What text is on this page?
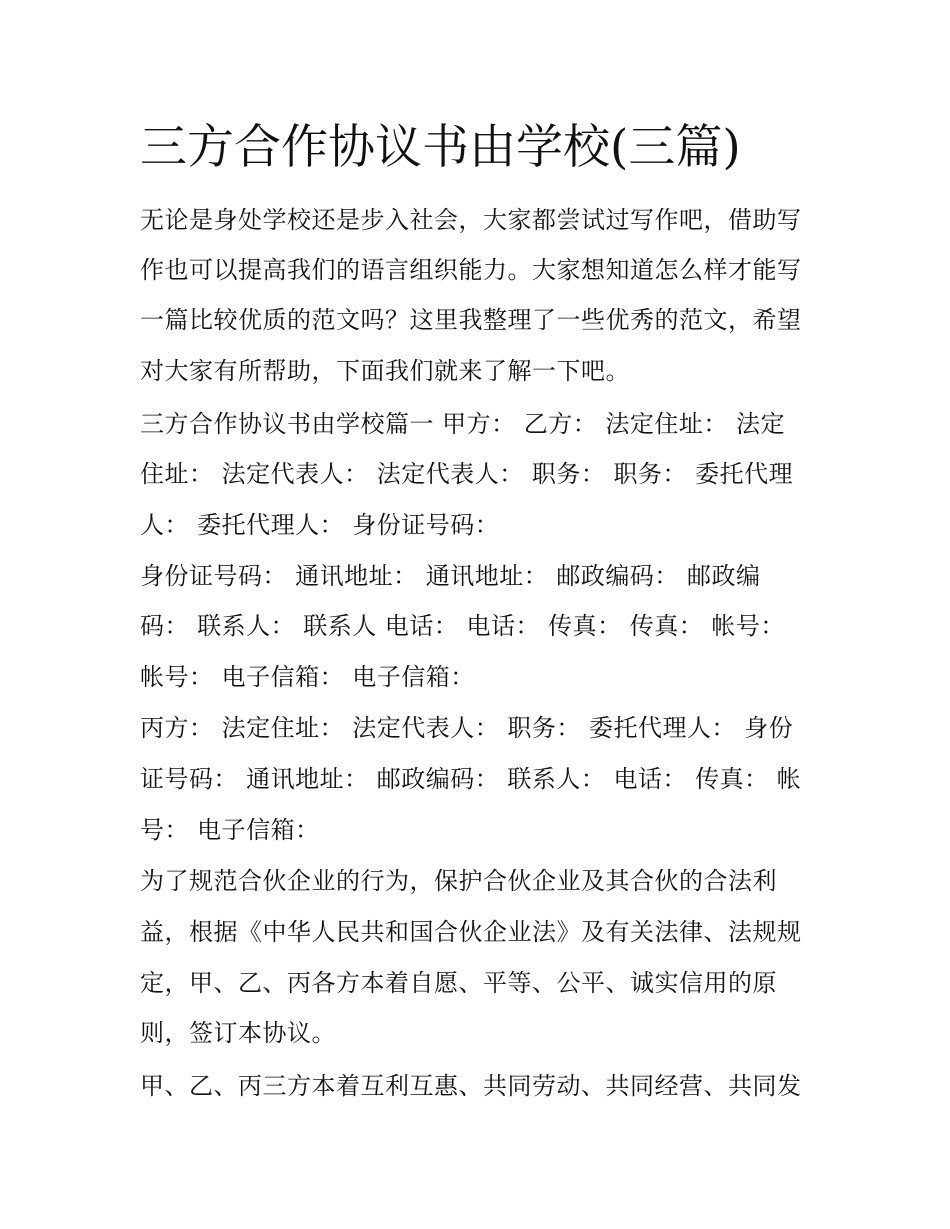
三方合作协议书由学校(三篇)
无论是身处学校还是步入社会，大家都尝试过写作吧，借助写
作也可以提高我们的语言组织能力。大家想知道怎么样才能写
一篇比较优质的范文吗？这里我整理了一些优秀的范文，希望
对大家有所帮助，下面我们就来了解一下吧。
三方合作协议书由学校篇一 甲方： 乙方： 法定住址： 法定
住址： 法定代表人： 法定代表人： 职务： 职务： 委托代理
人： 委托代理人： 身份证号码：
身份证号码： 通讯地址： 通讯地址： 邮政编码： 邮政编
码： 联系人： 联系人 电话： 电话： 传真： 传真： 帐号：
帐号： 电子信箱： 电子信箱：
丙方： 法定住址： 法定代表人： 职务： 委托代理人： 身份
证号码： 通讯地址： 邮政编码： 联系人： 电话： 传真： 帐
号： 电子信箱：
为了规范合伙企业的行为，保护合伙企业及其合伙的合法利
益，根据《中华人民共和国合伙企业法》及有关法律、法规规
定，甲、乙、丙各方本着自愿、平等、公平、诚实信用的原
则，签订本协议。
甲、乙、丙三方本着互利互惠、共同劳动、共同经营、共同发
